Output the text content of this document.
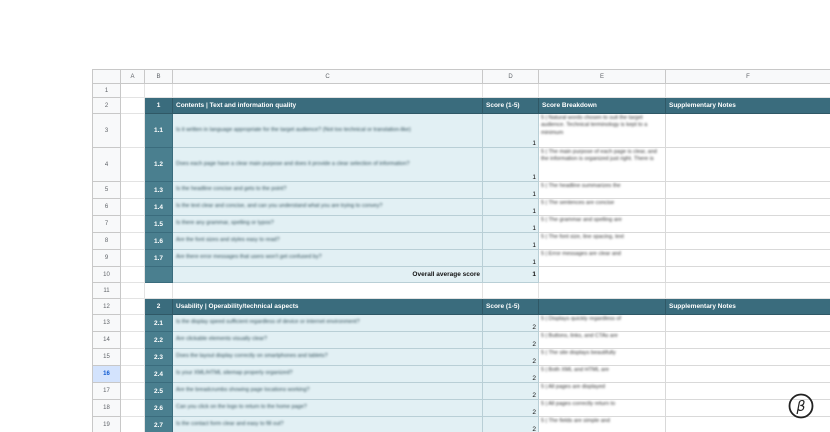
	A	B	C	D	E	F
1						
2		1	Contents | Text and information quality	Score (1-5)	Score Breakdown	Supplementary Notes
3		1.1	Is it written in language appropriate for the target audience? (Not too technical or translation-like)	1	5 | Natural words chosen to suit the target audience. Technical terminology is kept to a minimum	

4		1.2	Does each page have a clear main purpose and does it provide a clear selection of information?	1	5 | The main purpose of each page is clear, and the information is organized just right. There is	

5		1.3	Is the headline concise and gets to the point?	1	5 | The headline summarizes the	

6		1.4	Is the text clear and concise, and can you understand what you are trying to convey?	1	5 | The sentences are concise	

7		1.5	Is there any grammar, spelling or typos?	1	5 | The grammar and spelling are	

8		1.6	Are the font sizes and styles easy to read?	1	5 | The font size, line spacing, text	

9		1.7	Are there error messages that users won't get confused by?	1	5 | Error messages are clear and	

10			Overall average score	1		
11						
12		2	Usability | Operability/technical aspects	Score (1-5)		Supplementary Notes
13		2.1	Is the display speed sufficient regardless of device or internet environment?	2	5 | Displays quickly regardless of	

14		2.2	Are clickable elements visually clear?	2	5 | Buttons, links, and CTAs are	

15		2.3	Does the layout display correctly on smartphones and tablets?	2	5 | The site displays beautifully	

16		2.4	Is your XML/HTML sitemap properly organized?	2	5 | Both XML and HTML are	

17		2.5	Are the breadcrumbs showing page locations working?	2	5 | All pages are displayed	

18		2.6	Can you click on the logo to return to the home page?	2	5 | All pages correctly return to	

19		2.7	Is the contact form clear and easy to fill out?	2	5 | The fields are simple and	

β
